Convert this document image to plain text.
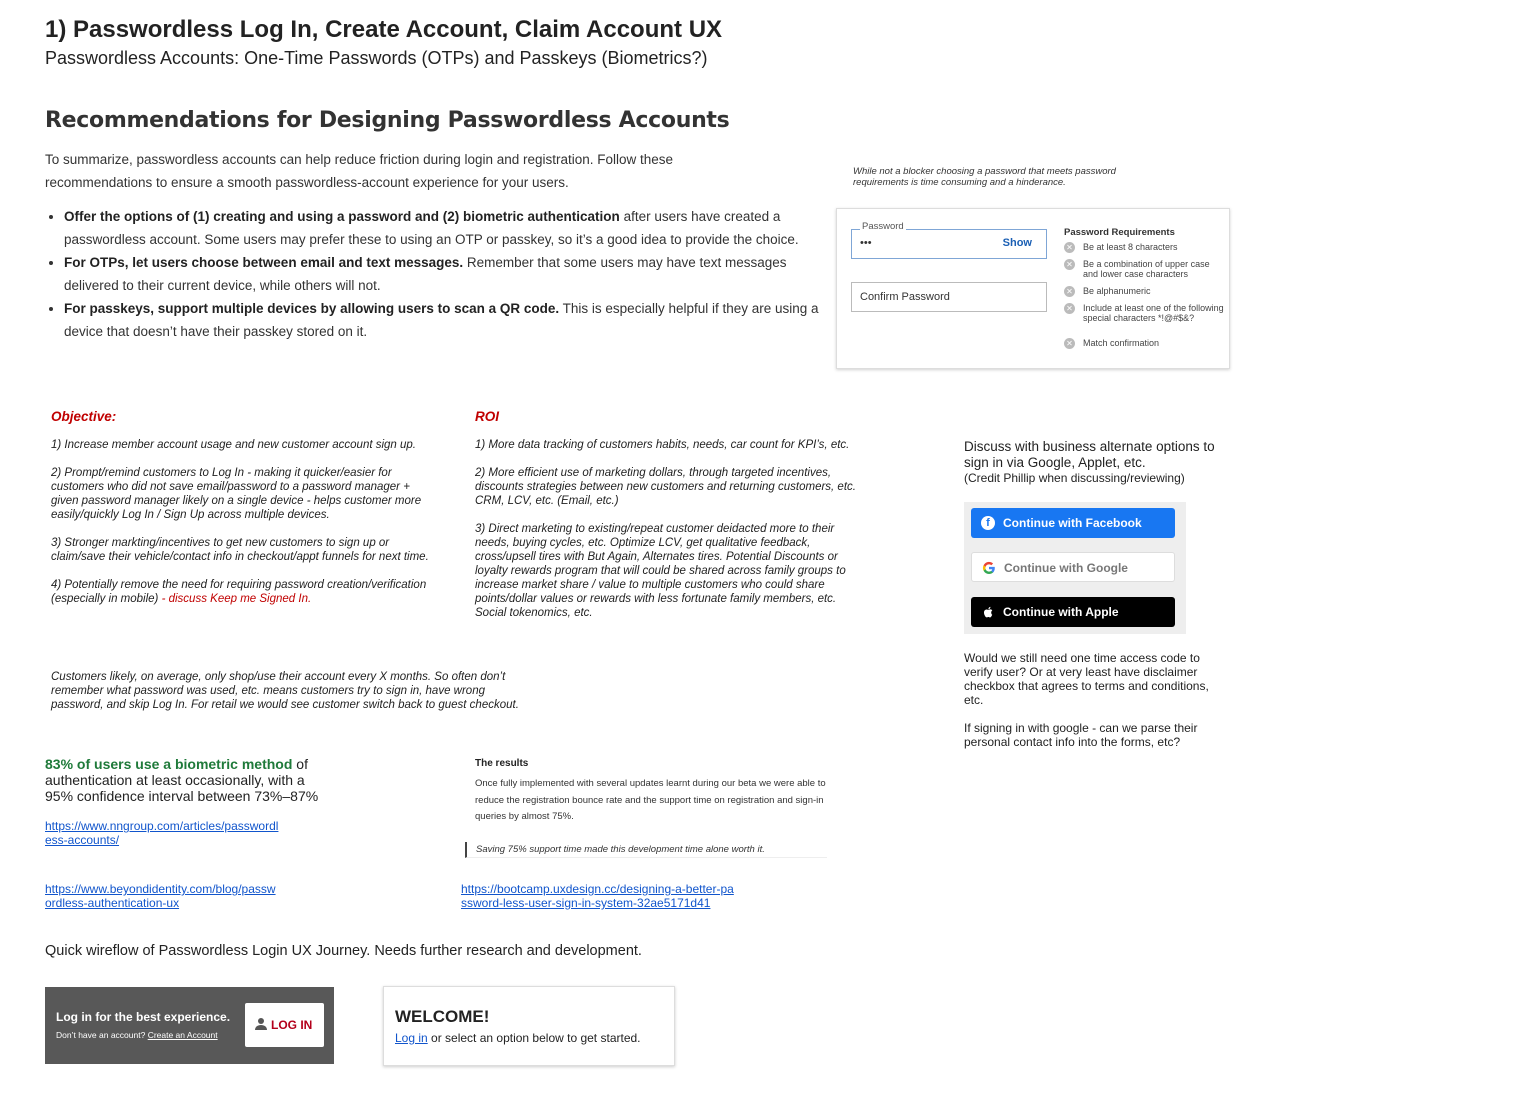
1) Passwordless Log In, Create Account, Claim Account UX
Passwordless Accounts: One-Time Passwords (OTPs) and Passkeys (Biometrics?)
Recommendations for Designing Passwordless Accounts
To summarize, passwordless accounts can help reduce friction during login and registration. Follow these recommendations to ensure a smooth passwordless-account experience for your users.
• Offer the options of (1) creating and using a password and (2) biometric authentication after users have created a passwordless account. Some users may prefer these to using an OTP or passkey, so it’s a good idea to provide the choice.
• For OTPs, let users choose between email and text messages. Remember that some users may have text messages delivered to their current device, while others will not.
• For passkeys, support multiple devices by allowing users to scan a QR code. This is especially helpful if they are using a device that doesn’t have their passkey stored on it.
While not a blocker choosing a password that meets password requirements is time consuming and a hinderance.
Password
•••	Show
Confirm Password
Password Requirements
✕	Be at least 8 characters
✕	Be a combination of upper case and lower case characters
✕	Be alphanumeric
✕	Include at least one of the following special characters *!@#$&?
✕	Match confirmation
Objective:

1) Increase member account usage and new customer account sign up.

2) Prompt/remind customers to Log In - making it quicker/easier for customers who did not save email/password to a password manager + given password manager likely on a single device - helps customer more easily/quickly Log In / Sign Up across multiple devices.

3) Stronger markting/incentives to get new customers to sign up or claim/save their vehicle/contact info in checkout/appt funnels for next time.

4) Potentially remove the need for requiring password creation/verification (especially in mobile) - discuss Keep me Signed In.

Customers likely, on average, only shop/use their account every X months. So often don’t remember what password was used, etc. means customers try to sign in, have wrong password, and skip Log In. For retail we would see customer switch back to guest checkout.
ROI

1) More data tracking of customers habits, needs, car count for KPI’s, etc.

2) More efficient use of marketing dollars, through targeted incentives, discounts strategies between new customers and returning customers, etc. CRM, LCV, etc. (Email, etc.)

3) Direct marketing to existing/repeat customer deidacted more to their needs, buying cycles, etc. Optimize LCV, get qualitative feedback, cross/upsell tires with But Again, Alternates tires. Potential Discounts or loyalty rewards program that will could be shared across family groups to increase market share / value to multiple customers who could share points/dollar values or rewards with less fortunate family members, etc. Social tokenomics, etc.

Discuss with business alternate options to sign in via Google, Applet, etc.
(Credit Phillip when discussing/reviewing)
f	Continue with Facebook
Continue with Google
Continue with Apple

Would we still need one time access code to verify user? Or at very least have disclaimer checkbox that agrees to terms and conditions, etc.

If signing in with google - can we parse their personal contact info into the forms, etc?

83% of users use a biometric method of authentication at least occasionally, with a 95% confidence interval between 73%–87%
https://www.nngroup.com/articles/passwordless-accounts/
https://www.beyondidentity.com/blog/passwordless-authentication-ux
The results
Once fully implemented with several updates learnt during our beta we were able to reduce the registration bounce rate and the support time on registration and sign-in queries by almost 75%.
Saving 75% support time made this development time alone worth it.
https://bootcamp.uxdesign.cc/designing-a-better-password-less-user-sign-in-system-32ae5171d41
Quick wireflow of Passwordless Login UX Journey. Needs further research and development.
Log in for the best experience.
Don’t have an account? Create an Account
LOG IN	WELCOME!
Log in or select an option below to get started.
